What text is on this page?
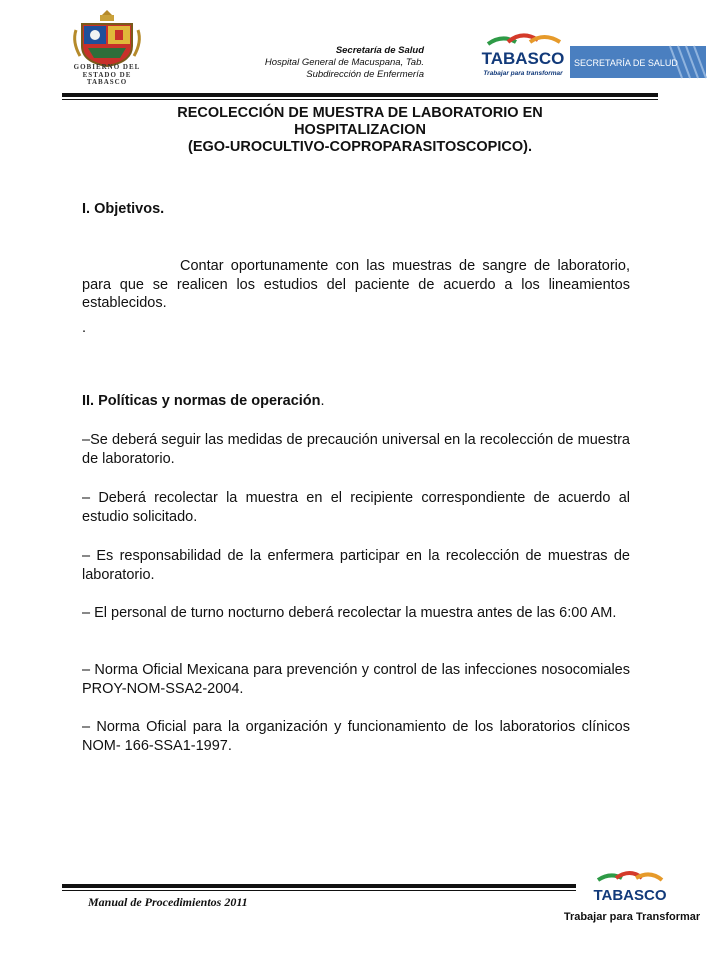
GOBIERNO DEL
ESTADO DE
TABASCO
Secretaría de Salud
Hospital General de Macuspana, Tab.
Subdirección de Enfermería
TABASCO
Trabajar para transformar
SECRETARÍA DE SALUD
RECOLECCIÓN DE MUESTRA DE LABORATORIO EN
HOSPITALIZACION
(EGO-UROCULTIVO-COPROPARASITOSCOPICO).
I. Objetivos.
Contar oportunamente con las muestras de sangre de laboratorio, para que se realicen los estudios del paciente de acuerdo a los lineamientos establecidos.
.
II. Políticas y normas de operación.
–Se deberá seguir las medidas de precaución universal en la recolección de muestra de laboratorio.
– Deberá recolectar la muestra en el recipiente correspondiente de acuerdo al estudio solicitado.
– Es responsabilidad de la enfermera participar en la recolección de muestras de laboratorio.
– El personal de turno nocturno deberá recolectar la muestra antes de las 6:00 AM.
– Norma Oficial Mexicana para prevención y control de las infecciones nosocomiales PROY-NOM-SSA2-2004.
– Norma Oficial para la organización y funcionamiento de los laboratorios clínicos NOM- 166-SSA1-1997.
Manual de Procedimientos 2011	TABASCO
Trabajar para Transformar
